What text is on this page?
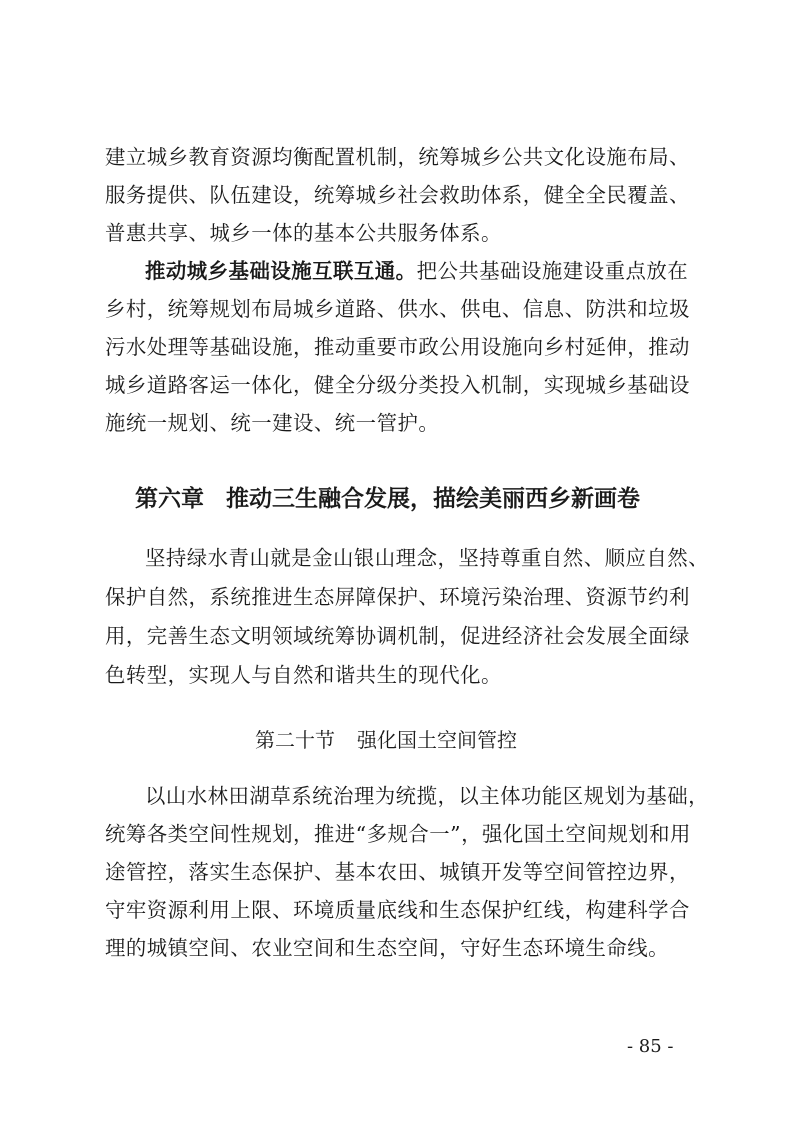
建立城乡教育资源均衡配置机制，统筹城乡公共文化设施布局、
服务提供、队伍建设，统筹城乡社会救助体系，健全全民覆盖、
普惠共享、城乡一体的基本公共服务体系。
推动城乡基础设施互联互通。把公共基础设施建设重点放在
乡村，统筹规划布局城乡道路、供水、供电、信息、防洪和垃圾
污水处理等基础设施，推动重要市政公用设施向乡村延伸，推动
城乡道路客运一体化，健全分级分类投入机制，实现城乡基础设
施统一规划、统一建设、统一管护。
第六章 推动三生融合发展，描绘美丽西乡新画卷
坚持绿水青山就是金山银山理念，坚持尊重自然、顺应自然、
保护自然，系统推进生态屏障保护、环境污染治理、资源节约利
用，完善生态文明领域统筹协调机制，促进经济社会发展全面绿
色转型，实现人与自然和谐共生的现代化。
第二十节 强化国土空间管控
以山水林田湖草系统治理为统揽，以主体功能区规划为基础，
统筹各类空间性规划，推进“多规合一”，强化国土空间规划和用
途管控，落实生态保护、基本农田、城镇开发等空间管控边界，
守牢资源利用上限、环境质量底线和生态保护红线，构建科学合
理的城镇空间、农业空间和生态空间，守好生态环境生命线。
- 85 -
